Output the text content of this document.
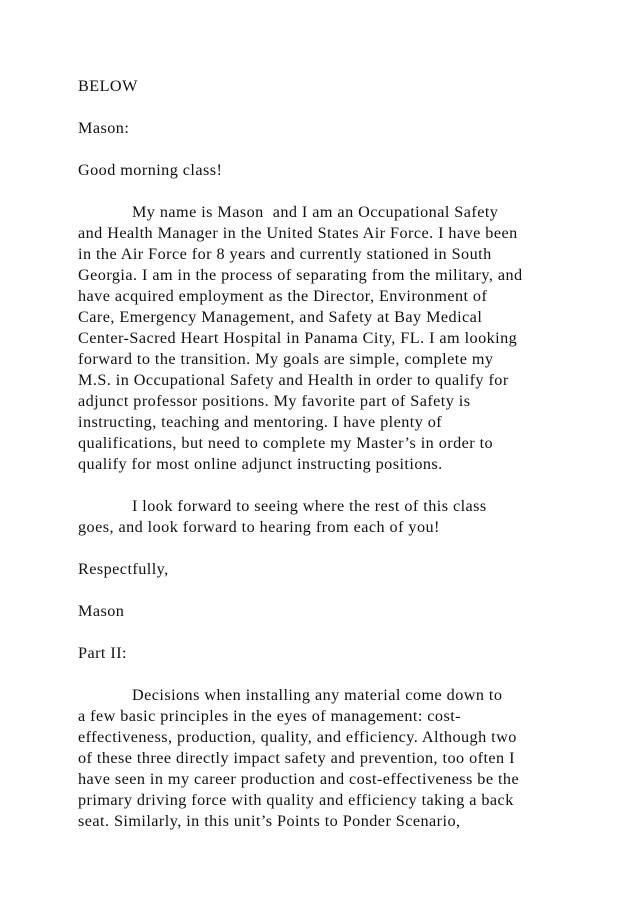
BELOW

Mason:

Good morning class!

My name is Mason  and I am an Occupational Safety
and Health Manager in the United States Air Force. I have been
in the Air Force for 8 years and currently stationed in South
Georgia. I am in the process of separating from the military, and
have acquired employment as the Director, Environment of
Care, Emergency Management, and Safety at Bay Medical
Center-Sacred Heart Hospital in Panama City, FL. I am looking
forward to the transition. My goals are simple, complete my
M.S. in Occupational Safety and Health in order to qualify for
adjunct professor positions. My favorite part of Safety is
instructing, teaching and mentoring. I have plenty of
qualifications, but need to complete my Master’s in order to
qualify for most online adjunct instructing positions.

I look forward to seeing where the rest of this class
goes, and look forward to hearing from each of you!

Respectfully,

Mason

Part II:

Decisions when installing any material come down to
a few basic principles in the eyes of management: cost-
effectiveness, production, quality, and efficiency. Although two
of these three directly impact safety and prevention, too often I
have seen in my career production and cost-effectiveness be the
primary driving force with quality and efficiency taking a back
seat. Similarly, in this unit’s Points to Ponder Scenario,
